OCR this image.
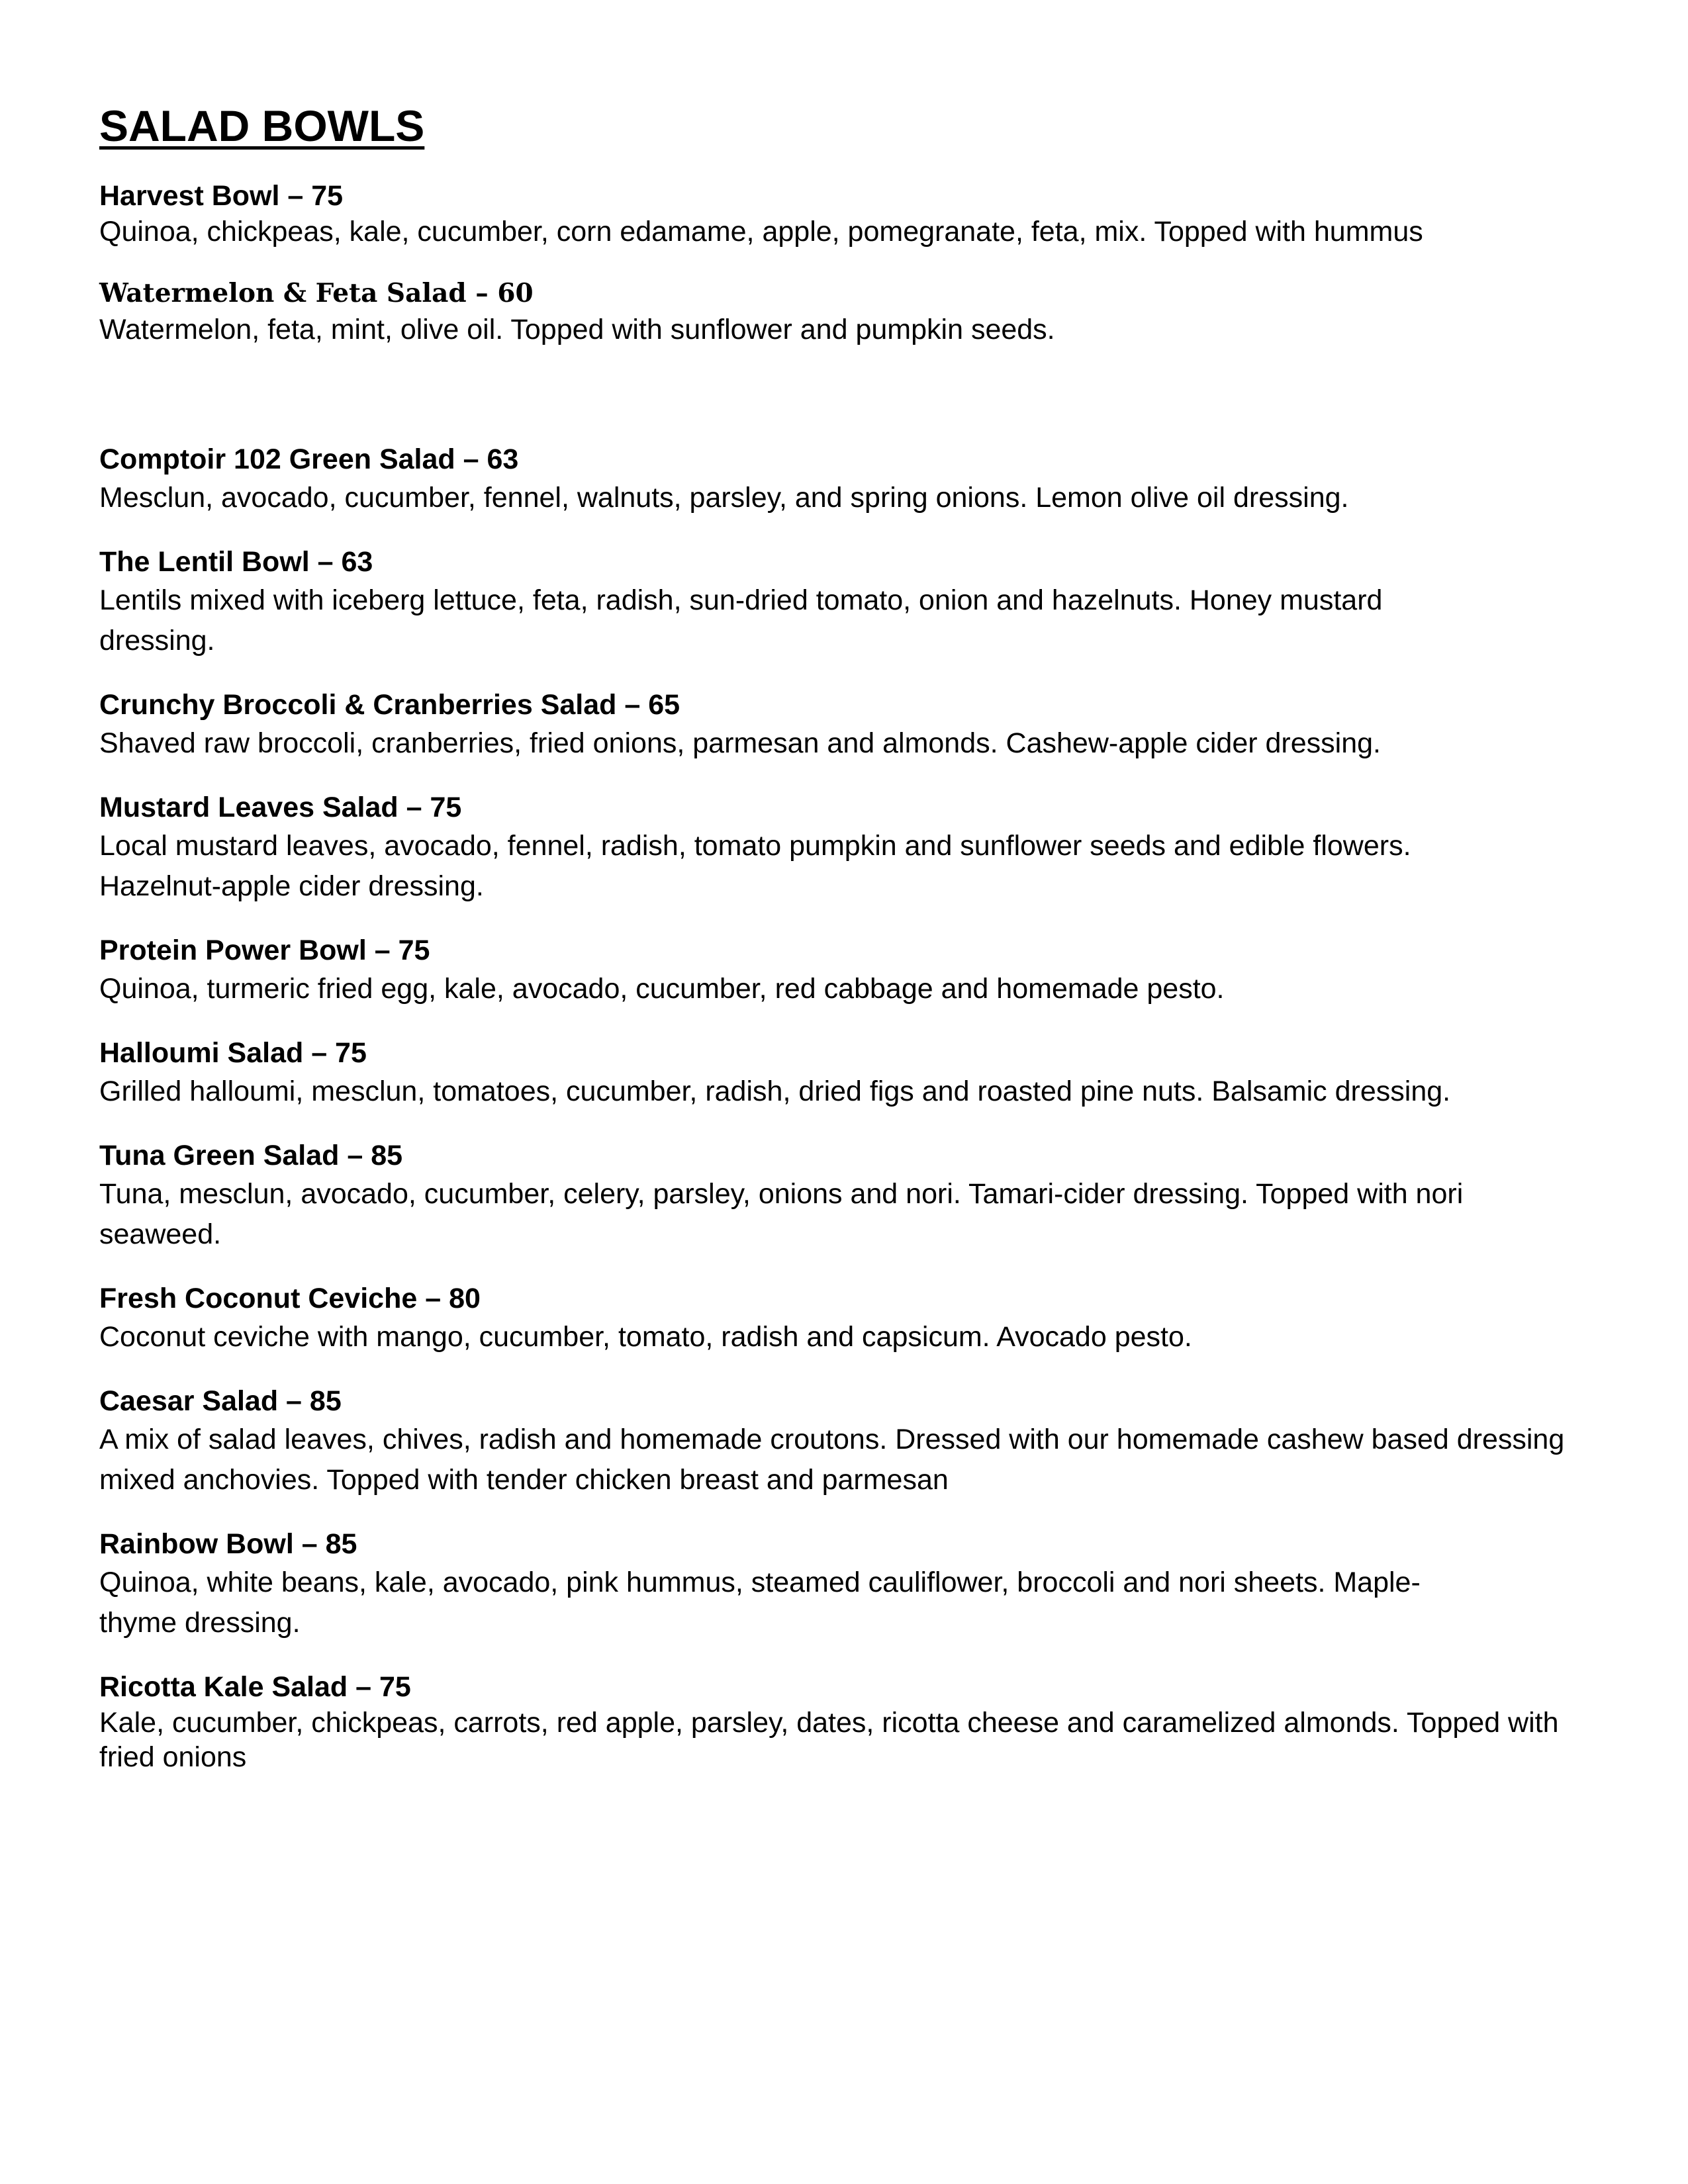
SALAD BOWLS
Harvest Bowl – 75
Quinoa, chickpeas, kale, cucumber, corn edamame, apple, pomegranate, feta, mix. Topped with hummus
Watermelon & Feta Salad – 60
Watermelon, feta, mint, olive oil. Topped with sunflower and pumpkin seeds.
Comptoir 102 Green Salad – 63
Mesclun, avocado, cucumber, fennel, walnuts, parsley, and spring onions. Lemon olive oil dressing.
The Lentil Bowl – 63
Lentils mixed with iceberg lettuce, feta, radish, sun-dried tomato, onion and hazelnuts. Honey mustard dressing.
Crunchy Broccoli & Cranberries Salad – 65
Shaved raw broccoli, cranberries, fried onions, parmesan and almonds. Cashew-apple cider dressing.
Mustard Leaves Salad – 75
Local mustard leaves, avocado, fennel, radish, tomato pumpkin and sunflower seeds and edible flowers. Hazelnut-apple cider dressing.
Protein Power Bowl – 75
Quinoa, turmeric fried egg, kale, avocado, cucumber, red cabbage and homemade pesto.
Halloumi Salad – 75
Grilled halloumi, mesclun, tomatoes, cucumber, radish, dried figs and roasted pine nuts. Balsamic dressing.
Tuna Green Salad – 85
Tuna, mesclun, avocado, cucumber, celery, parsley, onions and nori. Tamari-cider dressing. Topped with nori seaweed.
Fresh Coconut Ceviche – 80
Coconut ceviche with mango, cucumber, tomato, radish and capsicum. Avocado pesto.
Caesar Salad – 85
A mix of salad leaves, chives, radish and homemade croutons. Dressed with our homemade cashew based dressing mixed anchovies. Topped with tender chicken breast and parmesan
Rainbow Bowl – 85
Quinoa, white beans, kale, avocado, pink hummus, steamed cauliflower, broccoli and nori sheets. Maple-thyme dressing.
Ricotta Kale Salad – 75
Kale, cucumber, chickpeas, carrots, red apple, parsley, dates, ricotta cheese and caramelized almonds. Topped with fried onions
